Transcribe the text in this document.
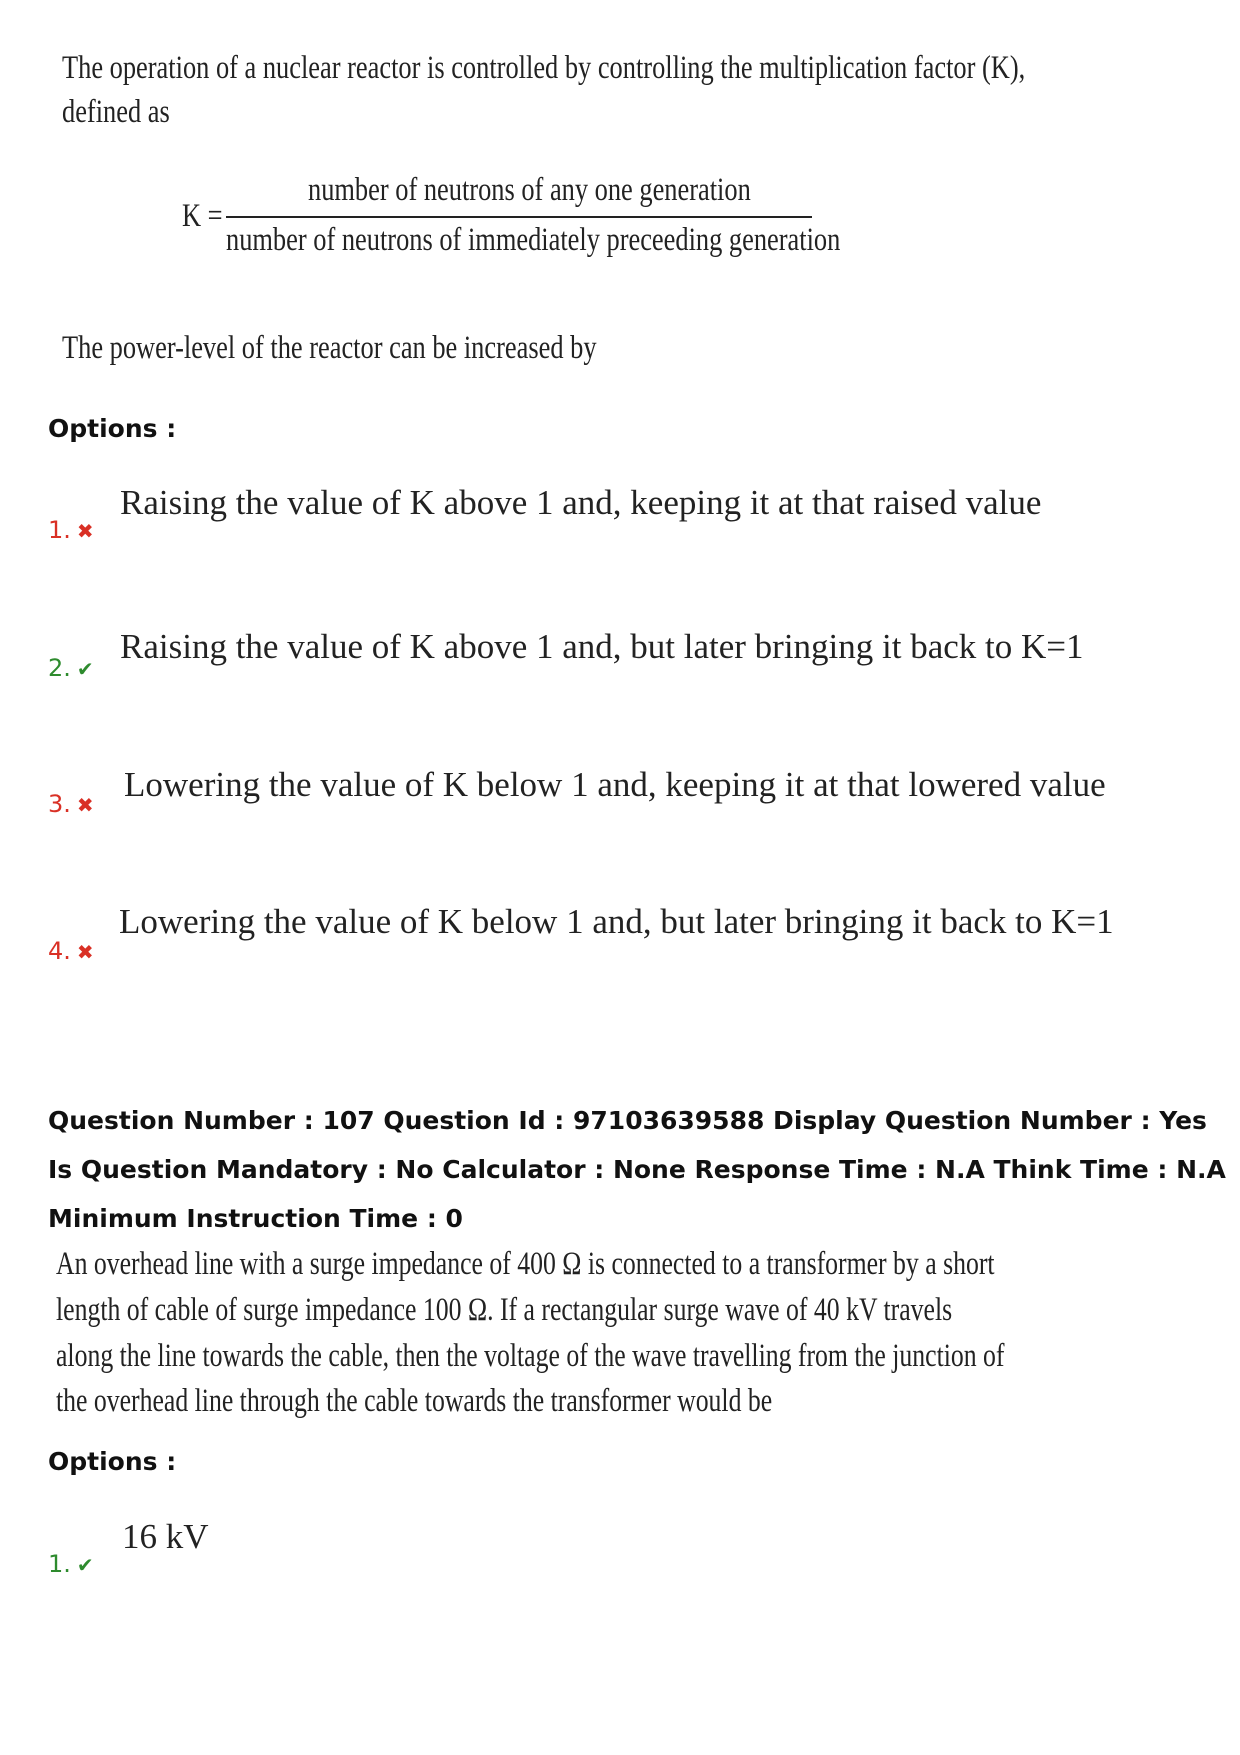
The operation of a nuclear reactor is controlled by controlling the multiplication factor (K),
defined as
K =
number of neutrons of any one generation
number of neutrons of immediately preceeding generation
The power-level of the reactor can be increased by
Options :
1. ✖
Raising the value of K above 1 and, keeping it at that raised value
2. ✔
Raising the value of K above 1 and, but later bringing it back to K=1
3. ✖
Lowering the value of K below 1 and, keeping it at that lowered value
4. ✖
Lowering the value of K below 1 and, but later bringing it back to K=1
Question Number : 107 Question Id : 97103639588 Display Question Number : Yes Is Question Mandatory : No Calculator : None Response Time : N.A Think Time : N.A Minimum Instruction Time : 0
An overhead line with a surge impedance of 400 Ω is connected to a transformer by a short
length of cable of surge impedance 100 Ω. If a rectangular surge wave of 40 kV travels
along the line towards the cable, then the voltage of the wave travelling from the junction of
the overhead line through the cable towards the transformer would be
Options :
1. ✔
16 kV
